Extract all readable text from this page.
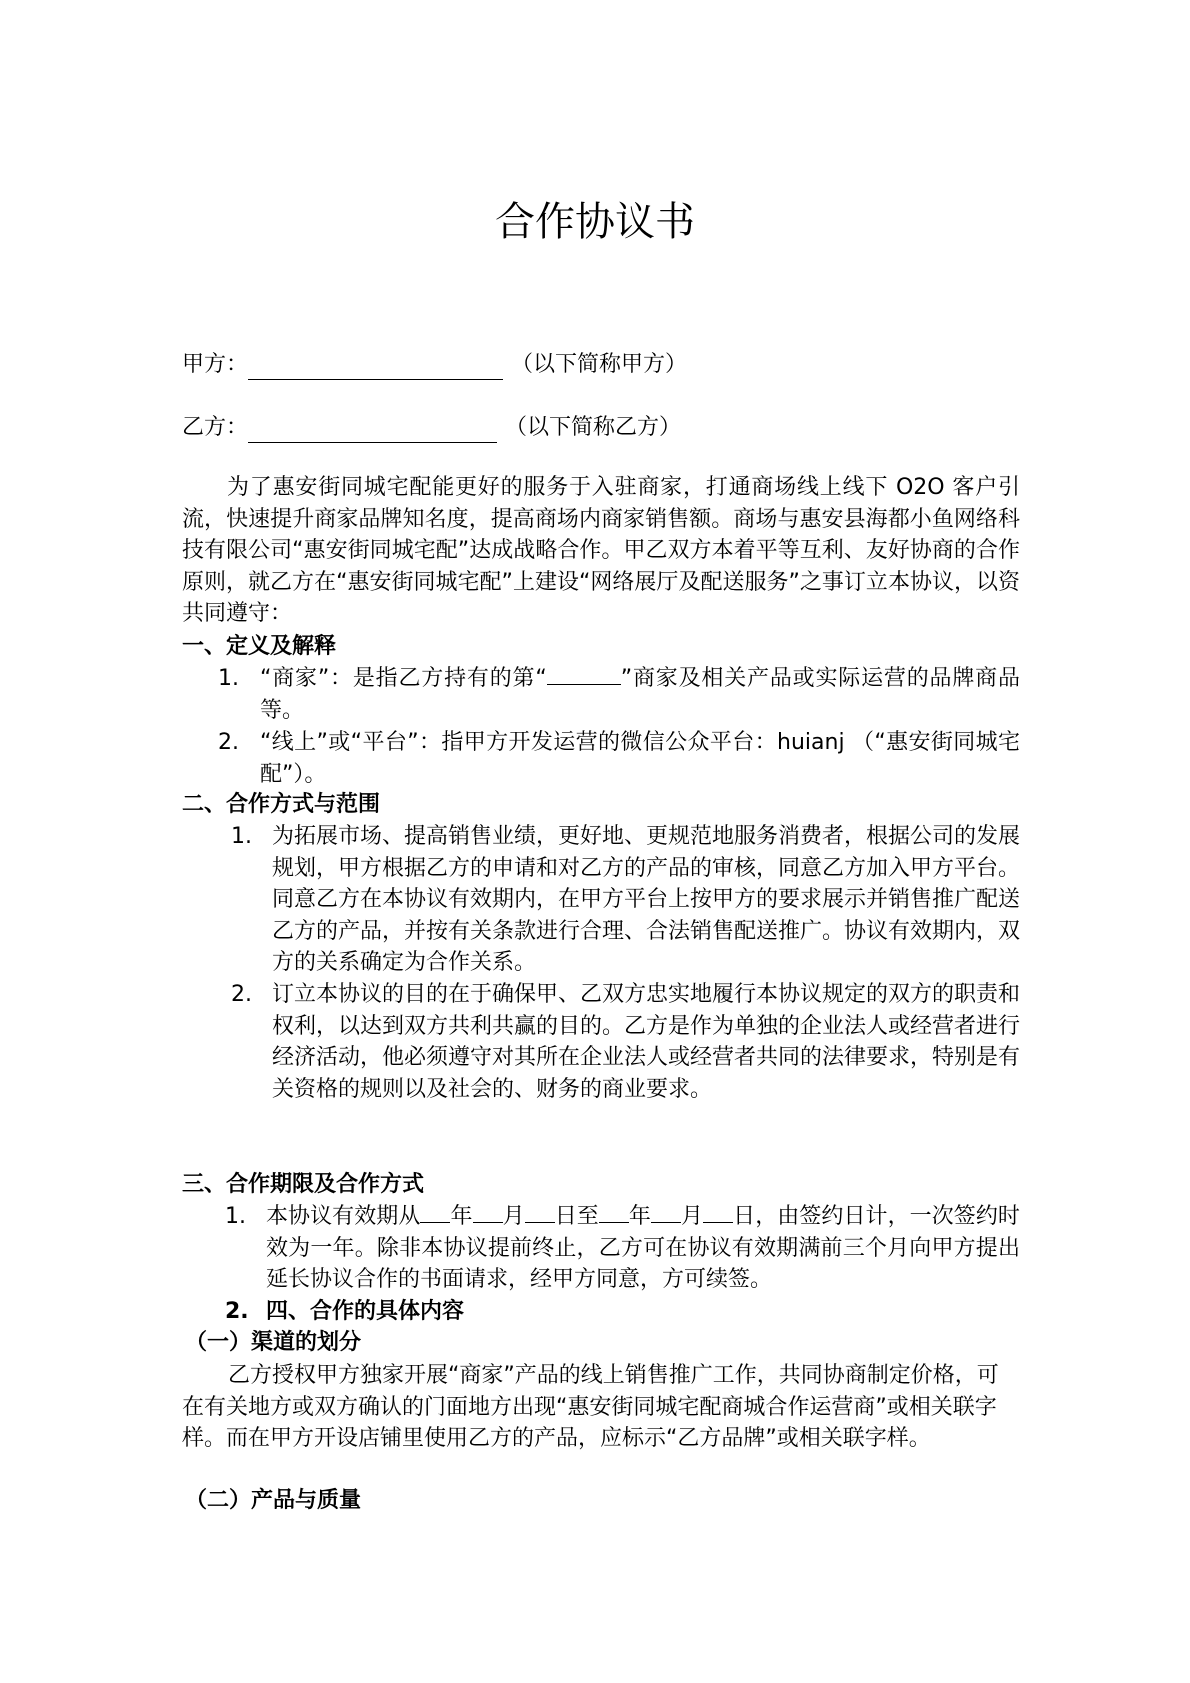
合作协议书
甲方：	（以下简称甲方）
乙方：	（以下简称乙方）

为了惠安街同城宅配能更好的服务于入驻商家，打通商场线上线下 O2O 客户引流，快速提升商家品牌知名度，提高商场内商家销售额。商场与惠安县海都小鱼网络科技有限公司“惠安街同城宅配”达成战略合作。甲乙双方本着平等互利、友好协商的合作原则，就乙方在“惠安街同城宅配”上建设“网络展厅及配送服务”之事订立本协议，以资共同遵守：

一、定义及解释

1. “商家”：是指乙方持有的第“	”商家及相关产品或实际运营的品牌商品等。
2. “线上”或“平台”：指甲方开发运营的微信公众平台：huianj （“惠安街同城宅配”）。

二、合作方式与范围

1. 为拓展市场、提高销售业绩，更好地、更规范地服务消费者，根据公司的发展规划，甲方根据乙方的申请和对乙方的产品的审核，同意乙方加入甲方平台。同意乙方在本协议有效期内，在甲方平台上按甲方的要求展示并销售推广配送乙方的产品，并按有关条款进行合理、合法销售配送推广。协议有效期内，双方的关系确定为合作关系。
2. 订立本协议的目的在于确保甲、乙双方忠实地履行本协议规定的双方的职责和权利，以达到双方共利共赢的目的。乙方是作为单独的企业法人或经营者进行经济活动，他必须遵守对其所在企业法人或经营者共同的法律要求，特别是有关资格的规则以及社会的、财务的商业要求。

三、合作期限及合作方式

1. 本协议有效期从 年 月 日至 年 月 日，由签约日计，一次签约时效为一年。除非本协议提前终止，乙方可在协议有效期满前三个月向甲方提出延长协议合作的书面请求，经甲方同意，方可续签。
2. 四、合作的具体内容

（一）渠道的划分

乙方授权甲方独家开展“商家”产品的线上销售推广工作，共同协商制定价格，可在有关地方或双方确认的门面地方出现“惠安街同城宅配商城合作运营商”或相关联字样。而在甲方开设店铺里使用乙方的产品，应标示“乙方品牌”或相关联字样。

（二）产品与质量
